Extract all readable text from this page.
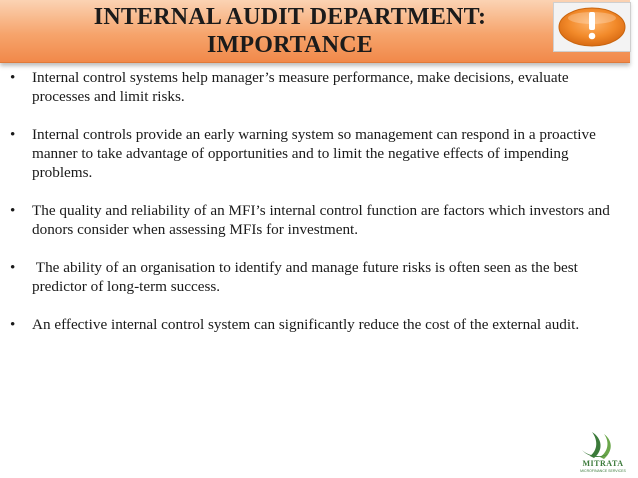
INTERNAL AUDIT DEPARTMENT:
IMPORTANCE
• Internal control systems help manager’s measure performance, make decisions, evaluate processes and limit risks.
• Internal controls provide an early warning system so management can respond in a proactive manner to take advantage of opportunities and to limit the negative effects of impending problems.
• The quality and reliability of an MFI’s internal control function are factors which investors and donors consider when assessing MFIs for investment.
• The ability of an organisation to identify and manage future risks is often seen as the best predictor of long-term success.
• An effective internal control system can significantly reduce the cost of the external audit.
MITRATA
MICROFINANCE SERVICES
